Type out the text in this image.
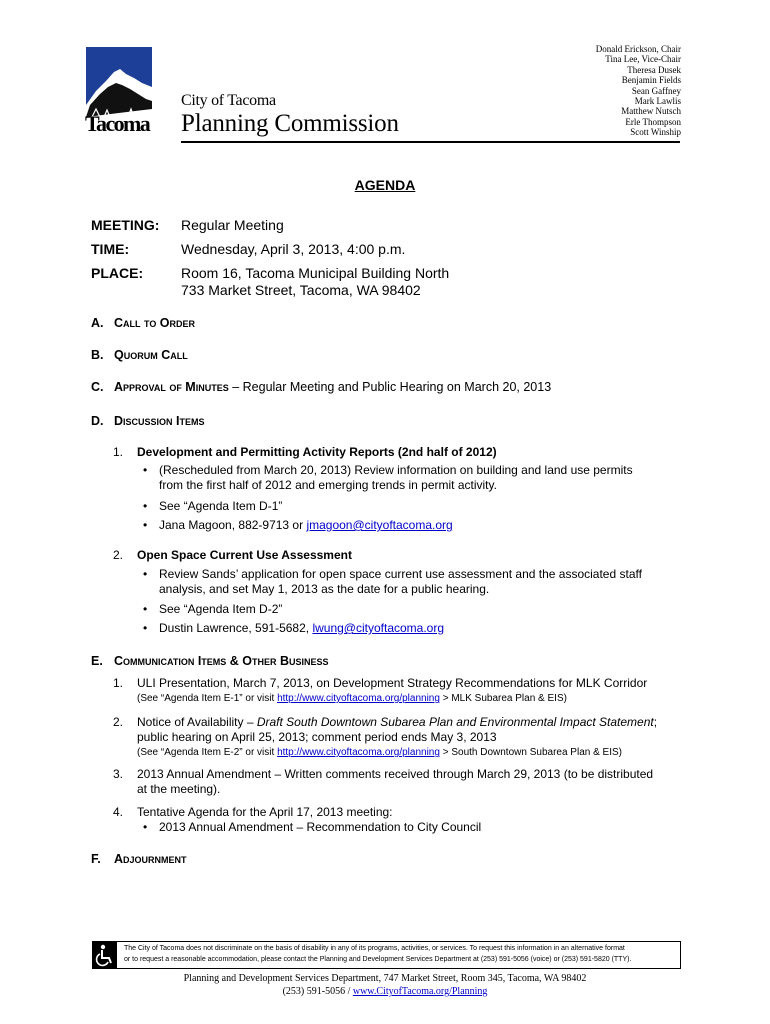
Tacoma
City of Tacoma
Planning Commission
Donald Erickson, Chair
Tina Lee, Vice-Chair
Theresa Dusek
Benjamin Fields
Sean Gaffney
Mark Lawlis
Matthew Nutsch
Erle Thompson
Scott Winship
AGENDA
MEETING: Regular Meeting
TIME:	Wednesday, April 3, 2013, 4:00 p.m.
PLACE:	Room 16, Tacoma Municipal Building North
733 Market Street, Tacoma, WA 98402
A. Call to Order
B. Quorum Call
C. Approval of Minutes – Regular Meeting and Public Hearing on March 20, 2013
D. Discussion Items
1. Development and Permitting Activity Reports (2nd half of 2012)
• (Rescheduled from March 20, 2013) Review information on building and land use permits
from the first half of 2012 and emerging trends in permit activity.
• See “Agenda Item D-1”
• Jana Magoon, 882-9713 or jmagoon@cityoftacoma.org
2. Open Space Current Use Assessment
• Review Sands’ application for open space current use assessment and the associated staff
analysis, and set May 1, 2013 as the date for a public hearing.
• See “Agenda Item D-2”
• Dustin Lawrence, 591-5682, lwung@cityoftacoma.org
E. Communication Items & Other Business
1. ULI Presentation, March 7, 2013, on Development Strategy Recommendations for MLK Corridor
(See “Agenda Item E-1” or visit http://www.cityoftacoma.org/planning > MLK Subarea Plan & EIS)
2. Notice of Availability – Draft South Downtown Subarea Plan and Environmental Impact Statement;
public hearing on April 25, 2013; comment period ends May 3, 2013
(See “Agenda Item E-2” or visit http://www.cityoftacoma.org/planning > South Downtown Subarea Plan & EIS)
3. 2013 Annual Amendment – Written comments received through March 29, 2013 (to be distributed
at the meeting).
4. Tentative Agenda for the April 17, 2013 meeting:
• 2013 Annual Amendment – Recommendation to City Council
F. Adjournment
The City of Tacoma does not discriminate on the basis of disability in any of its programs, activities, or services. To request this information in an alternative format
or to request a reasonable accommodation, please contact the Planning and Development Services Department at (253) 591-5056 (voice) or (253) 591-5820 (TTY).
Planning and Development Services Department, 747 Market Street, Room 345, Tacoma, WA 98402
(253) 591-5056 / www.CityofTacoma.org/Planning
